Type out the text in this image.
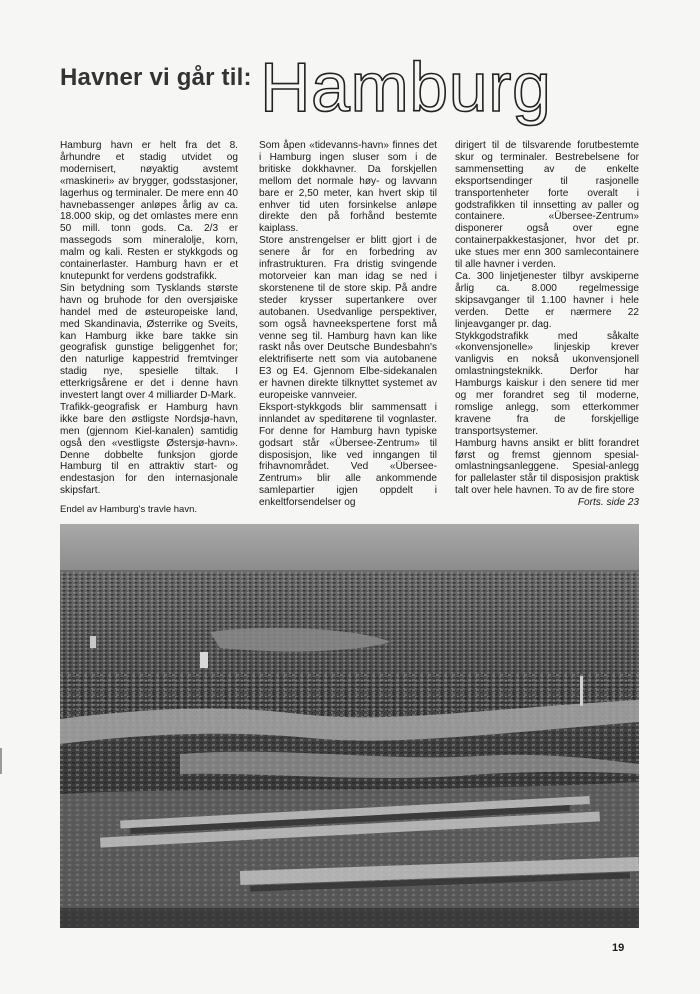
Havner vi går til:
Hamburg

Hamburg havn er helt fra det 8. århundre et stadig utvidet og modernisert, nøyaktig avstemt «maskineri» av brygger, godsstasjoner, lagerhus og terminaler. De mere enn 40 havnebassenger anløpes årlig av ca. 18.000 skip, og det omlastes mere enn 50 mill. tonn gods. Ca. 2/3 er massegods som mineralolje, korn, malm og kali. Resten er stykkgods og containerlaster. Hamburg havn er et knutepunkt for verdens godstrafikk.

Sin betydning som Tysklands største havn og bruhode for den oversjøiske handel med de østeuropeiske land, med Skandinavia, Østerrike og Sveits, kan Hamburg ikke bare takke sin geografisk gunstige beliggenhet for; den naturlige kappestrid fremtvinger stadig nye, spesielle tiltak. I etterkrigsårene er det i denne havn investert langt over 4 milliarder D-Mark.

Trafikk-geografisk er Hamburg havn ikke bare den østligste Nordsjø-havn, men (gjennom Kiel-kanalen) samtidig også den «vestligste Østersjø-havn». Denne dobbelte funksjon gjorde Hamburg til en attraktiv start- og endestasjon for den internasjonale skipsfart.

Som åpen «tidevanns-havn» finnes det i Hamburg ingen sluser som i de britiske dokkhavner. Da forskjellen mellom det normale høy- og lavvann bare er 2,50 meter, kan hvert skip til enhver tid uten forsinkelse anløpe direkte den på forhånd bestemte kaiplass.

Store anstrengelser er blitt gjort i de senere år for en forbedring av infrastrukturen. Fra dristig svingende motorveier kan man idag se ned i skorstenene til de store skip. På andre steder krysser supertankere over autobanen. Usedvanlige perspektiver, som også havneekspertene forst må venne seg til. Hamburg havn kan like raskt nås over Deutsche Bundesbahn's elektrifiserte nett som via autobanene E3 og E4. Gjennom Elbe-sidekanalen er havnen direkte tilknyttet systemet av europeiske vannveier.

Eksport-stykkgods blir sammensatt i innlandet av speditørene til vognlaster. For denne for Hamburg havn typiske godsart står «Übersee-Zentrum» til disposisjon, like ved inngangen til frihavnområdet. Ved «Übersee-Zentrum» blir alle ankommende samlepartier igjen oppdelt i enkeltforsendelser og

dirigert til de tilsvarende forutbestemte skur og terminaler. Bestrebelsene for sammensetting av de enkelte eksportsendinger til rasjonelle transportenheter forte overalt i godstrafikken til innsetting av paller og containere. «Übersee-Zentrum» disponerer også over egne containerpakkestasjoner, hvor det pr. uke stues mer enn 300 samlecontainere til alle havner i verden.

Ca. 300 linjetjenester tilbyr avskiperne årlig ca. 8.000 regelmessige skipsavganger til 1.100 havner i hele verden. Dette er nærmere 22 linjeavganger pr. dag.

Stykkgodstrafikk med såkalte «konvensjonelle» linjeskip krever vanligvis en nokså ukonvensjonell omlastningsteknikk. Derfor har Hamburgs kaiskur i den senere tid mer og mer forandret seg til moderne, romslige anlegg, som etterkommer kravene fra de forskjellige transportsystemer.

Hamburg havns ansikt er blitt forandret først og fremst gjennom spesial-omlastningsanleggene. Spesial-anlegg for pallelaster står til disposisjon praktisk talt over hele havnen. To av de fire store

Forts. side 23

Endel av Hamburg's travle havn.
19
